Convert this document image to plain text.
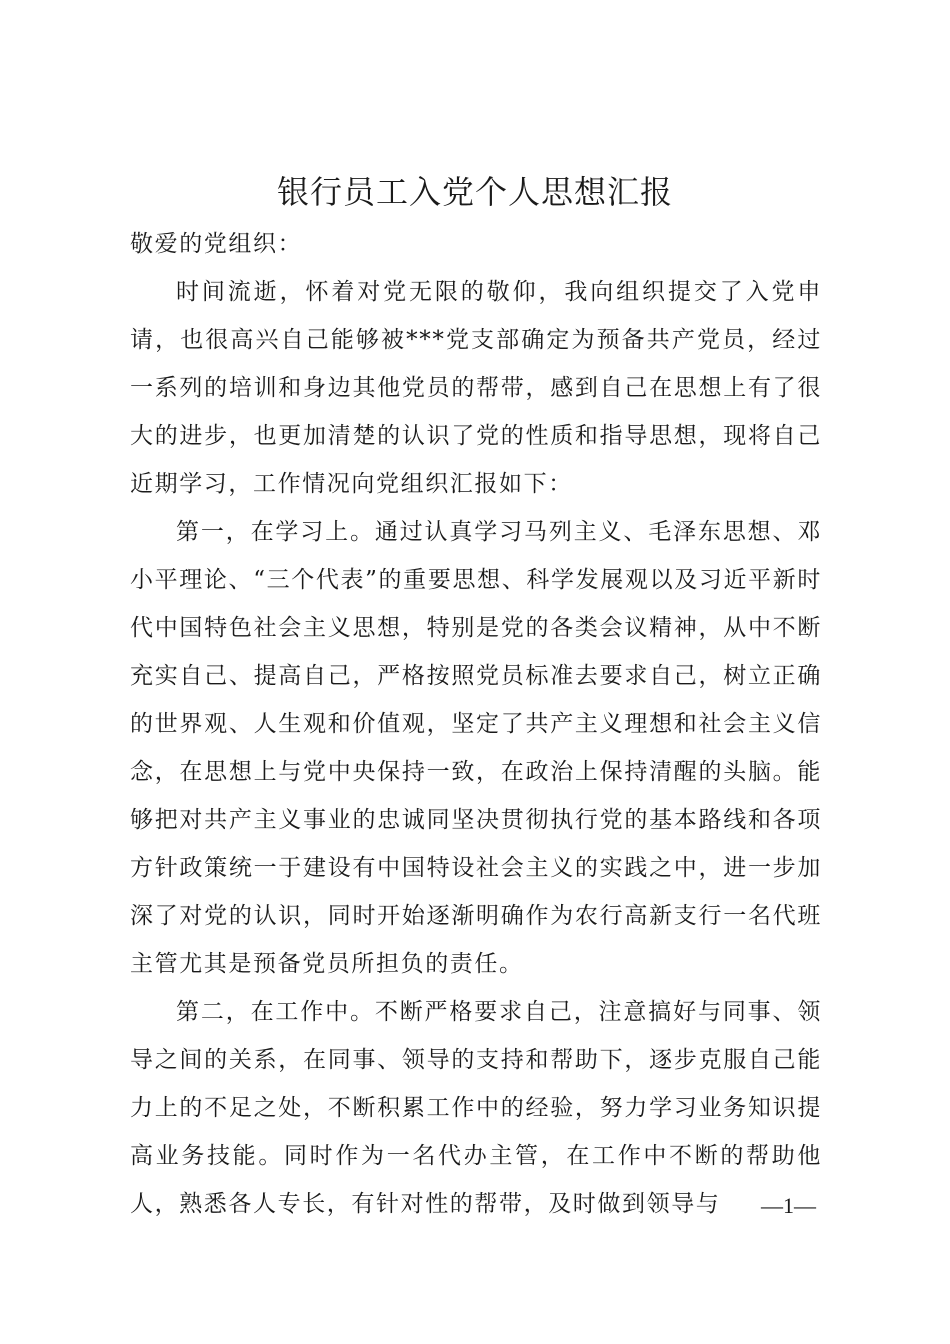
银行员工入党个人思想汇报

敬爱的党组织：

时间流逝，怀着对党无限的敬仰，我向组织提交了入党申请，也很高兴自己能够被***党支部确定为预备共产党员，经过一系列的培训和身边其他党员的帮带，感到自己在思想上有了很大的进步，也更加清楚的认识了党的性质和指导思想，现将自己近期学习，工作情况向党组织汇报如下：

第一，在学习上。通过认真学习马列主义、毛泽东思想、邓小平理论、“三个代表”的重要思想、科学发展观以及习近平新时代中国特色社会主义思想，特别是党的各类会议精神，从中不断充实自己、提高自己，严格按照党员标准去要求自己，树立正确的世界观、人生观和价值观，坚定了共产主义理想和社会主义信念，在思想上与党中央保持一致，在政治上保持清醒的头脑。能够把对共产主义事业的忠诚同坚决贯彻执行党的基本路线和各项方针政策统一于建设有中国特设社会主义的实践之中，进一步加深了对党的认识，同时开始逐渐明确作为农行高新支行一名代班主管尤其是预备党员所担负的责任。

第二，在工作中。不断严格要求自己，注意搞好与同事、领导之间的关系，在同事、领导的支持和帮助下，逐步克服自己能力上的不足之处，不断积累工作中的经验，努力学习业务知识提高业务技能。同时作为一名代办主管，在工作中不断的帮助他人，熟悉各人专长，有针对性的帮带，及时做到领导与	—1—
